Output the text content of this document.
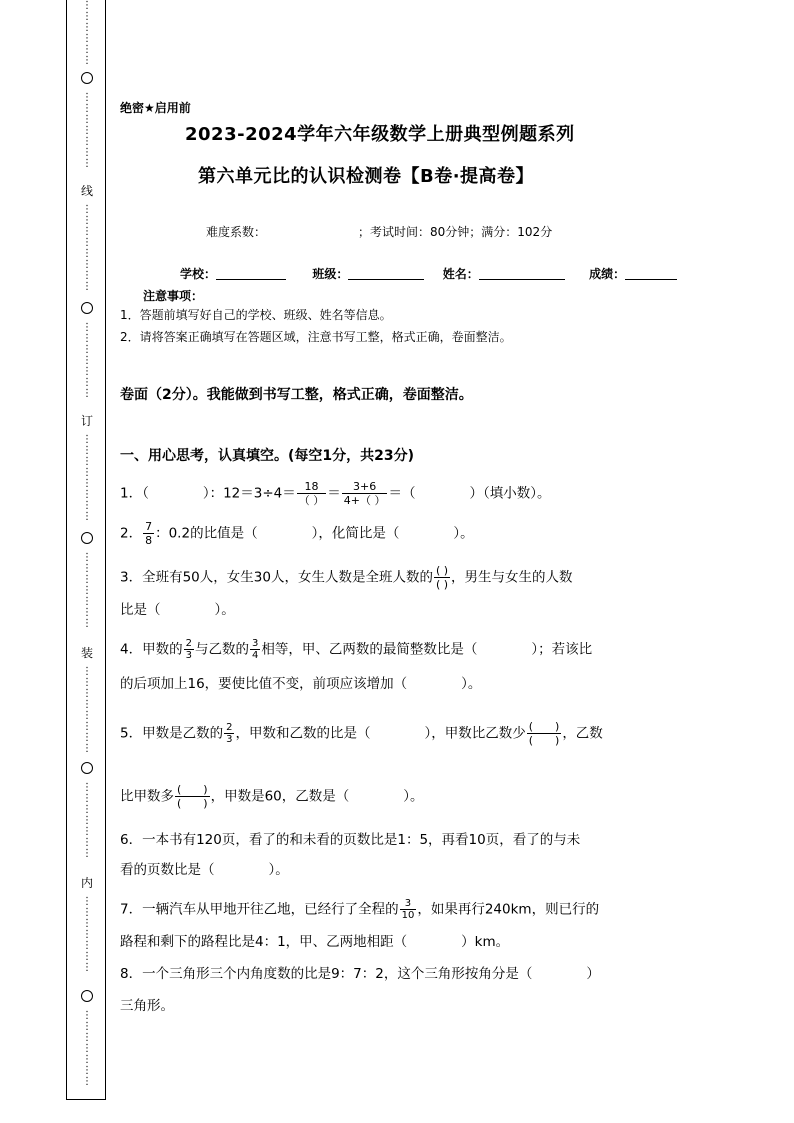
⋮
⋮
⋮
⋮
⋮
⋮
⋮
⋮
⋮
⋮
⋮
⋮
⋮
线
⋮
⋮
⋮
⋮
⋮
⋮
⋮
⋮
⋮
⋮
⋮
⋮
⋮
⋮
⋮
订
⋮
⋮
⋮
⋮
⋮
⋮
⋮
⋮
⋮
⋮
⋮
⋮
⋮
⋮
⋮
装
⋮
⋮
⋮
⋮
⋮
⋮
⋮
⋮
⋮
⋮
⋮
⋮
⋮
⋮
⋮
内
⋮
⋮
⋮
⋮
⋮
⋮
⋮
⋮
⋮
⋮
⋮
⋮
⋮
⋮
绝密★启用前
2023-2024学年六年级数学上册典型例题系列
第六单元比的认识检测卷【B卷·提高卷】
难度系数：	；考试时间：80分钟；满分：102分
学校：	班级：	姓名：	成绩：
注意事项：
1．答题前填写好自己的学校、班级、姓名等信息。
2．请将答案正确填写在答题区域，注意书写工整，格式正确，卷面整洁。
卷面（2分）。我能做到书写工整，格式正确，卷面整洁。
一、用心思考，认真填空。(每空1分，共23分)
1．（　　　　）：$12=3\div 4= \frac{18}{( )} = \frac{3+6}{4+( )}$ ＝（　　　　）（填小数）。
2． $\frac{7}{8}$ ：0.2的比值是（　　　　），化简比是（　　　　）。
3．全班有50人，女生30人，女生人数是全班人数的 $\frac{( )}{( )}$ ，男生与女生的人数
比是（　　　　）。
4．甲数的 $\frac{2}{3}$ 与乙数的 $\frac{3}{4}$ 相等，甲、乙两数的最简整数比是（　　　　）；若该比
的后项加上16，要使比值不变，前项应该增加（　　　　）。
5．甲数是乙数的 $\frac{2}{3}$ ，甲数和乙数的比是（　　　　），甲数比乙数少 $\frac{( )}{( )}$ ，乙数
比甲数多 $\frac{( )}{( )}$ ，甲数是60，乙数是（　　　　）。
6．一本书有120页，看了的和未看的页数比是1：5，再看10页，看了的与未
看的页数比是（　　　　）。
7．一辆汽车从甲地开往乙地，已经行了全程的 $\frac{3}{10}$ ，如果再行240km，则已行的
路程和剩下的路程比是4：1，甲、乙两地相距（　　　　）km。
8．一个三角形三个内角度数的比是9：7：2，这个三角形按角分是（　　　　）
三角形。
